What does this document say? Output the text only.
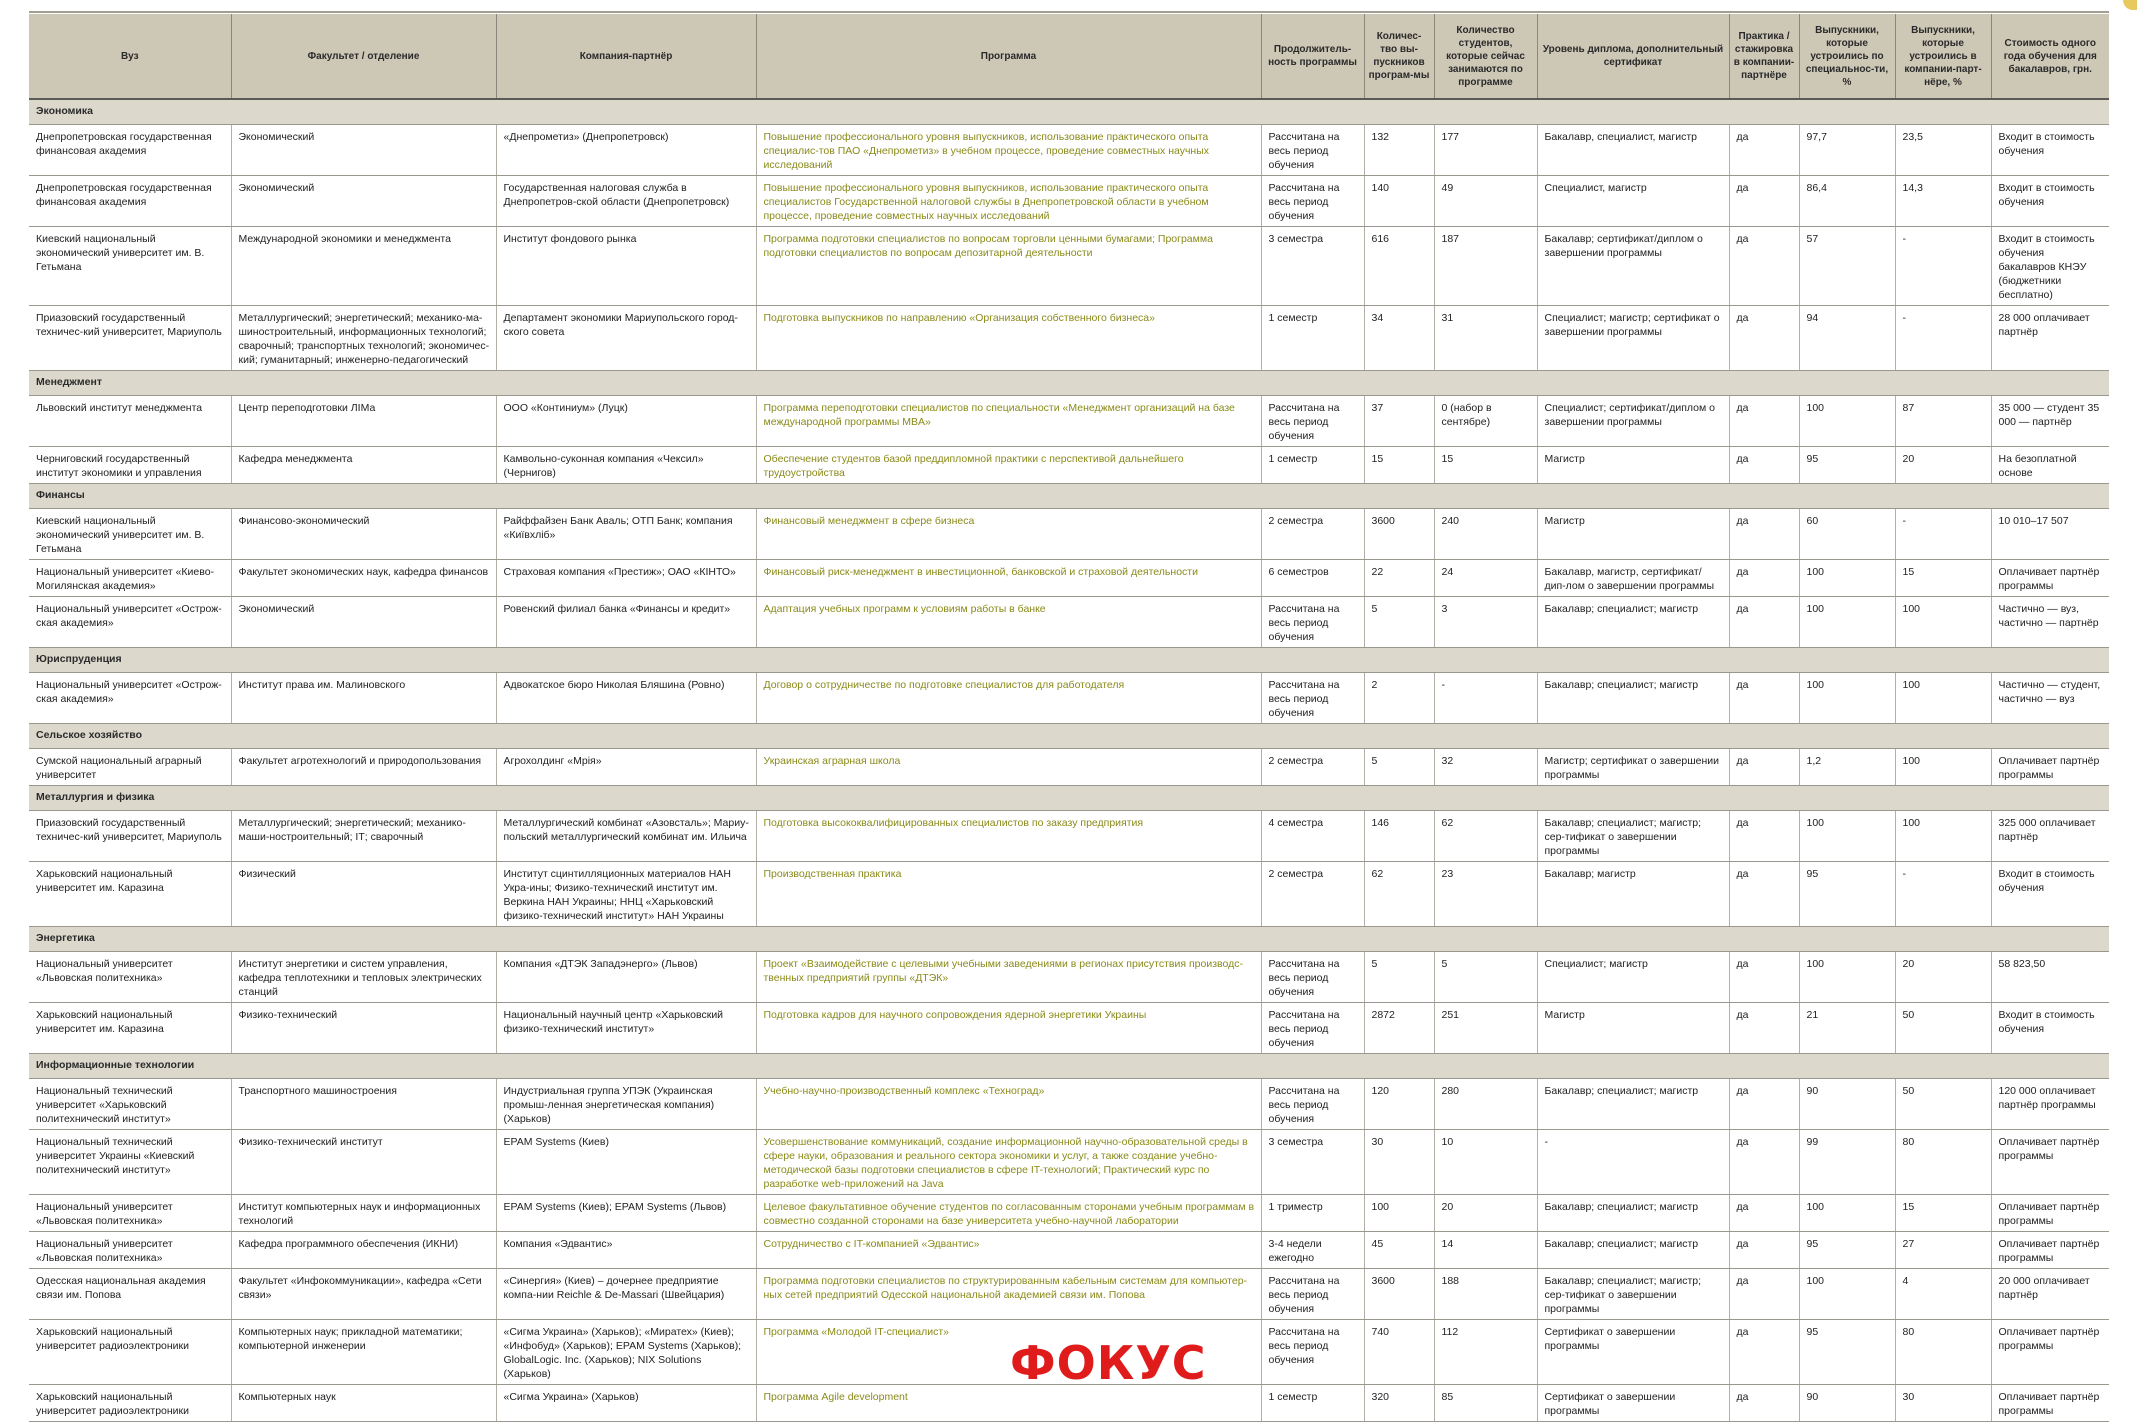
Вуз	Факультет / отделение	Компания-партнёр	Программа	Продолжитель-ность программы	Количес-тво вы-пускников програм-мы	Количество студентов, которые сейчас занимаются по программе	Уровень диплома, дополнительный сертификат	Практика / стажировка в компании-партнёре	Выпускники, которые устроились по специальнос-ти, %	Выпускники, которые устроились в компании-парт-нёре, %	Стоимость одного года обучения для бакалавров, грн.
Экономика											
Днепропетровская государственная финансовая академия	Экономический	«Днепрометиз» (Днепропетровск)	Повышение профессионального уровня выпускников, использование практического опыта специалис-тов ПАО «Днепрометиз» в учебном процессе, проведение совместных научных исследований	Рассчитана на весь период обучения	132	177	Бакалавр, специалист, магистр	да	97,7	23,5	Входит в стоимость обучения
Днепропетровская государственная финансовая академия	Экономический	Государственная налоговая служба в Днепропетров-ской области (Днепропетровск)	Повышение профессионального уровня выпускников, использование практического опыта специалистов Государственной налоговой службы в Днепропетровской области в учебном процессе, проведение совместных научных исследований	Рассчитана на весь период обучения	140	49	Специалист, магистр	да	86,4	14,3	Входит в стоимость обучения
Киевский национальный экономический университет им. В. Гетьмана	Международной экономики и менеджмента	Институт фондового рынка	Программа подготовки специалистов по вопросам торговли ценными бумагами; Программа подготовки специалистов по вопросам депозитарной деятельности	3 семестра	616	187	Бакалавр; сертификат/диплом о завершении программы	да	57	-	Входит в стоимость обучения бакалавров КНЭУ (бюджетники бесплатно)
Приазовский государственный техничес-кий университет, Мариуполь	Металлургический; энергетический; механико-ма-шиностроительный, информационных технологий; сварочный; транспортных технологий; экономичес-кий; гуманитарный; инженерно-педагогический	Департамент экономики Мариупольского город-ского совета	Подготовка выпускников по направлению «Организация собственного бизнеса»	1 семестр	34	31	Специалист; магистр; сертификат о завершении программы	да	94	-	28 000 оплачивает партнёр
Менеджмент											
Львовский институт менеджмента	Центр переподготовки ЛІМа	ООО «Континиум» (Луцк)	Программа переподготовки специалистов по специальности «Менеджмент организаций на базе международной программы MBA»	Рассчитана на весь период обучения	37	0 (набор в сентябре)	Специалист; сертификат/диплом о завершении программы	да	100	87	35 000 — студент 35 000 — партнёр
Черниговский государственный институт экономики и управления	Кафедра менеджмента	Камвольно-суконная компания «Чексил» (Чернигов)	Обеспечение студентов базой преддипломной практики с перспективой дальнейшего трудоустройства	1 семестр	15	15	Магистр	да	95	20	На безоплатной основе
Финансы											
Киевский национальный экономический университет им. В. Гетьмана	Финансово-экономический	Райффайзен Банк Аваль; ОТП Банк; компания «Київхліб»	Финансовый менеджмент в сфере бизнеса	2 семестра	3600	240	Магистр	да	60	-	10 010–17 507
Национальный университет «Киево-Могилянская академия»	Факультет экономических наук, кафедра финансов	Страховая компания «Престиж»; ОАО «КІНТО»	Финансовый риск-менеджмент в инвестиционной, банковской и страховой деятельности	6 семестров	22	24	Бакалавр, магистр, сертификат/дип-лом о завершении программы	да	100	15	Оплачивает партнёр программы
Национальный университет «Острож-ская академия»	Экономический	Ровенский филиал банка «Финансы и кредит»	Адаптация учебных программ к условиям работы в банке	Рассчитана на весь период обучения	5	3	Бакалавр; специалист; магистр	да	100	100	Частично — вуз, частично — партнёр
Юриспруденция											
Национальный университет «Острож-ская академия»	Институт права им. Малиновского	Адвокатское бюро Николая Бляшина (Ровно)	Договор о сотрудничестве по подготовке специалистов для работодателя	Рассчитана на весь период обучения	2	-	Бакалавр; специалист; магистр	да	100	100	Частично — студент, частично — вуз
Сельское хозяйство											
Сумской национальный аграрный университет	Факультет агротехнологий и природопользования	Агрохолдинг «Мрія»	Украинская аграрная школа	2 семестра	5	32	Магистр; сертификат о завершении программы	да	1,2	100	Оплачивает партнёр программы
Металлургия и физика											
Приазовский государственный техничес-кий университет, Мариуполь	Металлургический; энергетический; механико-маши-ностроительный; ІТ; сварочный	Металлургический комбинат «Азовсталь»; Мариу-польский металлургический комбинат им. Ильича	Подготовка высококвалифицированных специалистов по заказу предприятия	4 семестра	146	62	Бакалавр; специалист; магистр; сер-тификат о завершении программы	да	100	100	325 000 оплачивает партнёр
Харьковский национальный университет им. Каразина	Физический	Институт сцинтилляционных материалов НАН Укра-ины; Физико-технический институт им. Веркина НАН Украины; ННЦ «Харьковский физико-технический институт» НАН Украины	Производственная практика	2 семестра	62	23	Бакалавр; магистр	да	95	-	Входит в стоимость обучения
Энергетика											
Национальный университет «Львовская политехника»	Институт энергетики и систем управления, кафедра теплотехники и тепловых электрических станций	Компания «ДТЭК Западэнерго» (Львов)	Проект «Взаимодействие с целевыми учебными заведениями в регионах присутствия производс-твенных предприятий группы «ДТЭК»	Рассчитана на весь период обучения	5	5	Специалист; магистр	да	100	20	58 823,50
Харьковский национальный университет им. Каразина	Физико-технический	Национальный научный центр «Харьковский физико-технический институт»	Подготовка кадров для научного сопровождения ядерной энергетики Украины	Рассчитана на весь период обучения	2872	251	Магистр	да	21	50	Входит в стоимость обучения
Информационные технологии											
Национальный технический университет «Харьковский политехнический институт»	Транспортного машиностроения	Индустриальная группа УПЭК (Украинская промыш-ленная энергетическая компания) (Харьков)	Учебно-научно-производственный комплекс «Техноград»	Рассчитана на весь период обучения	120	280	Бакалавр; специалист; магистр	да	90	50	120 000 оплачивает партнёр программы
Национальный технический университет Украины «Киевский политехнический институт»	Физико-технический институт	EPAM Systems (Киев)	Усовершенствование коммуникаций, создание информационной научно-образовательной среды в сфере науки, образования и реального сектора экономики и услуг, а также создание учебно-методической базы подготовки специалистов в сфере IT-технологий; Практический курс по разработке web-приложений на Java	3 семестра	30	10	-	да	99	80	Оплачивает партнёр программы
Национальный университет «Львовская политехника»	Институт компьютерных наук и информационных технологий	EPAM Systems (Киев); EPAM Systems (Львов)	Целевое факультативное обучение студентов по согласованным сторонами учебным программам в совместно созданной сторонами на базе университета учебно-научной лаборатории	1 триместр	100	20	Бакалавр; специалист; магистр	да	100	15	Оплачивает партнёр программы
Национальный университет «Львовская политехника»	Кафедра программного обеспечения (ИКНИ)	Компания «Эдвантис»	Сотрудничество с IT-компанией «Эдвантис»	3-4 недели ежегодно	45	14	Бакалавр; специалист; магистр	да	95	27	Оплачивает партнёр программы
Одесская национальная академия связи им. Попова	Факультет «Инфокоммуникации», кафедра «Сети связи»	«Синергия» (Киев) – дочернее предприятие компа-нии Reichle & De-Massari (Швейцария)	Программа подготовки специалистов по структурированным кабельным системам для компьютер-ных сетей предприятий Одесской национальной академией связи им. Попова	Рассчитана на весь период обучения	3600	188	Бакалавр; специалист; магистр; сер-тификат о завершении программы	да	100	4	20 000 оплачивает партнёр
Харьковский национальный университет радиоэлектроники	Компьютерных наук; прикладной математики; компьютерной инженерии	«Сигма Украина» (Харьков); «Миратех» (Киев); «Инфобуд» (Харьков); EPAM Systems (Харьков); GlobalLogic. Inc. (Харьков); NIX Solutions (Харьков)	Программа «Молодой IT-специалист»	Рассчитана на весь период обучения	740	112	Сертификат о завершении программы	да	95	80	Оплачивает партнёр программы
Харьковский национальный университет радиоэлектроники	Компьютерных наук	«Сигма Украина» (Харьков)	Программа Agile development	1 семестр	320	85	Сертификат о завершении программы	да	90	30	Оплачивает партнёр программы
ФОКУС
